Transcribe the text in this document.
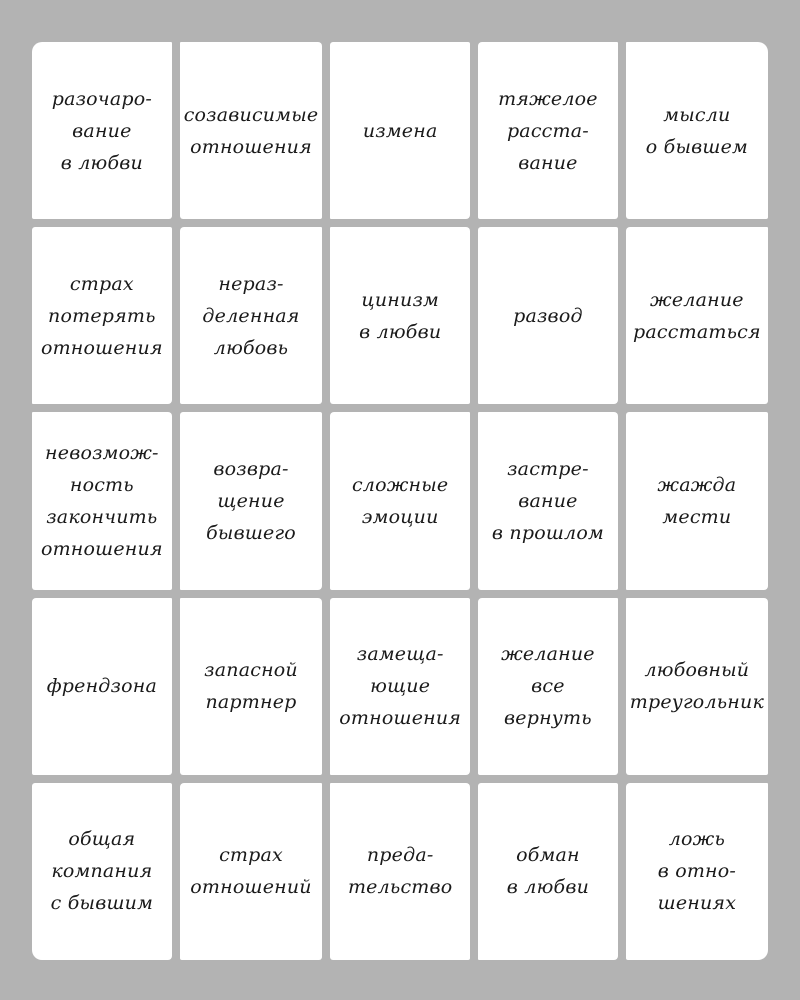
разочаро-
вание
в любви
созависимые
отношения
измена
тяжелое
расста-
вание
мысли
о бывшем
страх
потерять
отношения
нераз-
деленная
любовь
цинизм
в любви
развод
желание
расстаться
невозмож-
ность
закончить
отношения
возвра-
щение
бывшего
сложные
эмоции
застре-
вание
в прошлом
жажда
мести
френдзона
запасной
партнер
замеща-
ющие
отношения
желание
все
вернуть
любовный
треугольник
общая
компания
с бывшим
страх
отношений
преда-
тельство
обман
в любви
ложь
в отно-
шениях
